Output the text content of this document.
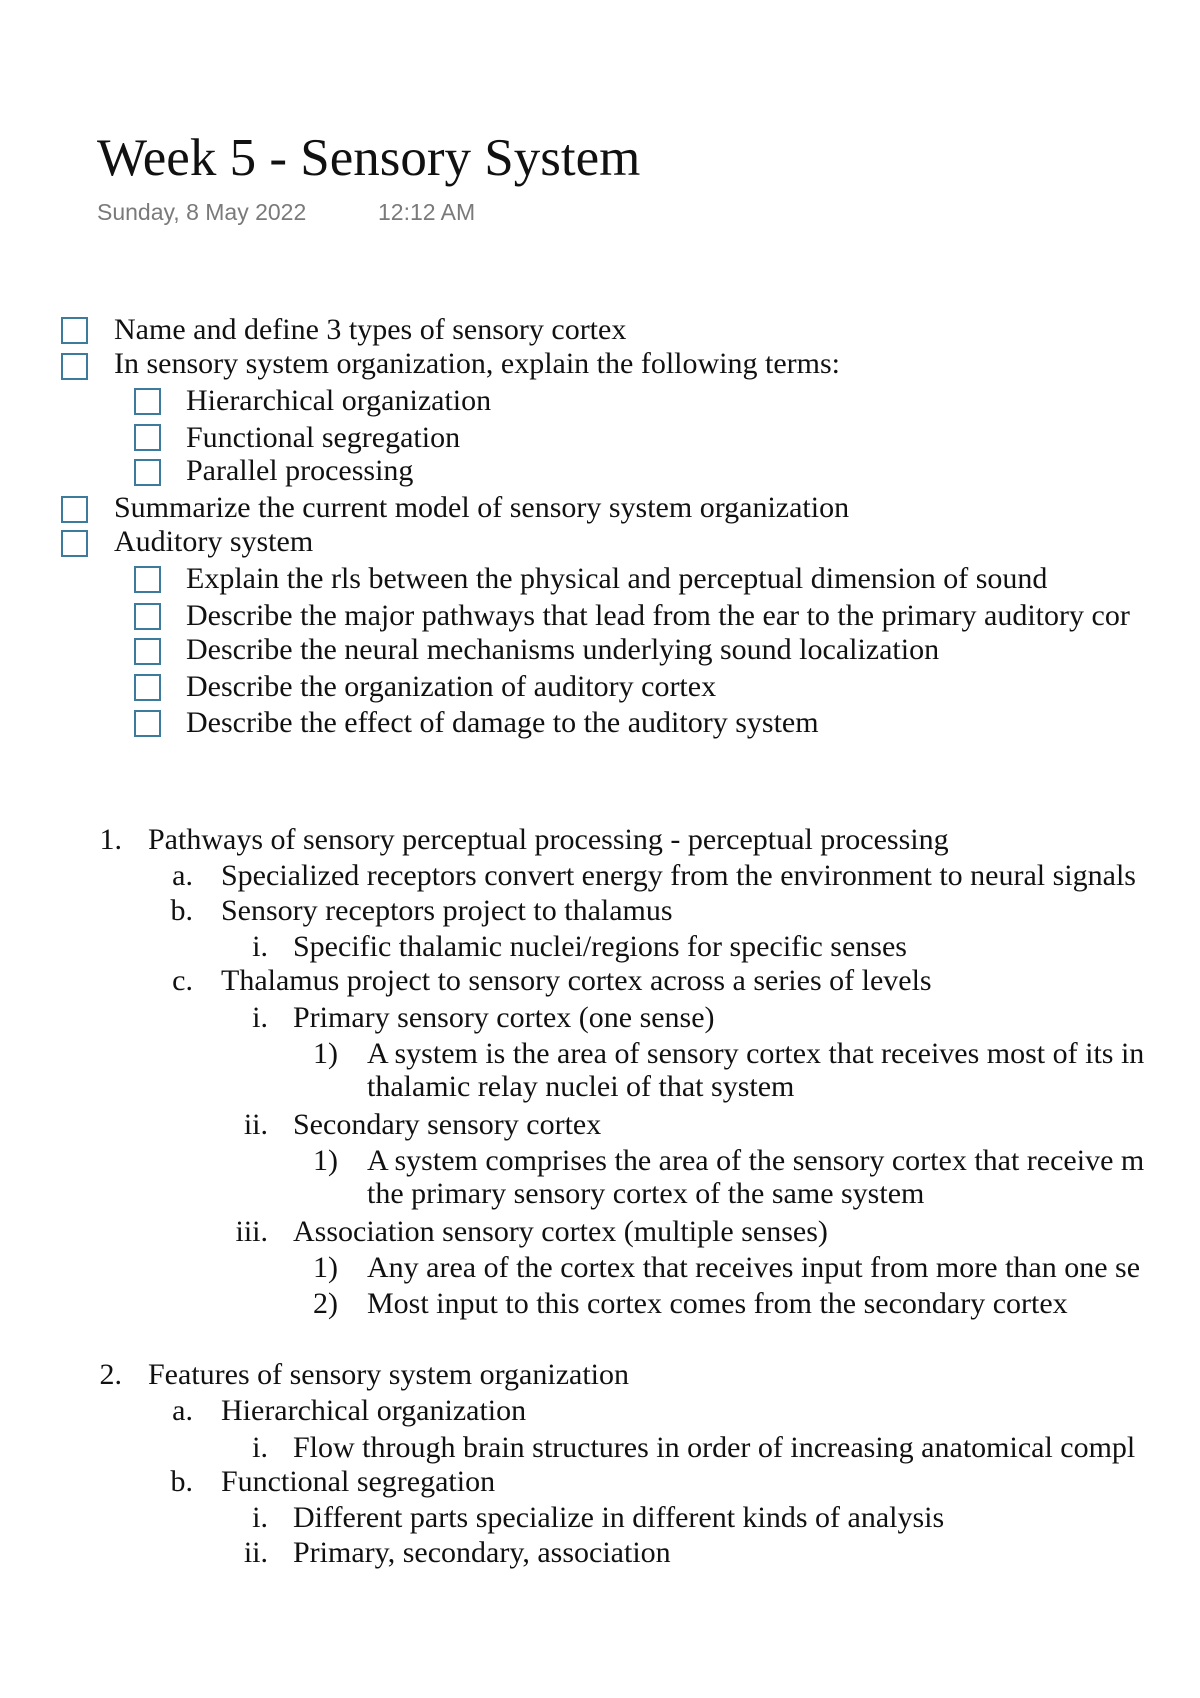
Week 5 - Sensory System
Sunday, 8 May 2022	12:12 AM
Name and define 3 types of sensory cortex
In sensory system organization, explain the following terms:
Hierarchical organization
Functional segregation
Parallel processing
Summarize the current model of sensory system organization
Auditory system
Explain the rls between the physical and perceptual dimension of sound
Describe the major pathways that lead from the ear to the primary auditory cor
Describe the neural mechanisms underlying sound localization
Describe the organization of auditory cortex
Describe the effect of damage to the auditory system
1. Pathways of sensory perceptual processing - perceptual processing
a. Specialized receptors convert energy from the environment to neural signals
b. Sensory receptors project to thalamus
i. Specific thalamic nuclei/regions for specific senses
c. Thalamus project to sensory cortex across a series of levels
i. Primary sensory cortex (one sense)
1) A system is the area of sensory cortex that receives most of its in
thalamic relay nuclei of that system
ii. Secondary sensory cortex
1) A system comprises the area of the sensory cortex that receive m
the primary sensory cortex of the same system
iii. Association sensory cortex (multiple senses)
1) Any area of the cortex that receives input from more than one se
2) Most input to this cortex comes from the secondary cortex
2. Features of sensory system organization
a. Hierarchical organization
i. Flow through brain structures in order of increasing anatomical compl
b. Functional segregation
i. Different parts specialize in different kinds of analysis
ii. Primary, secondary, association
